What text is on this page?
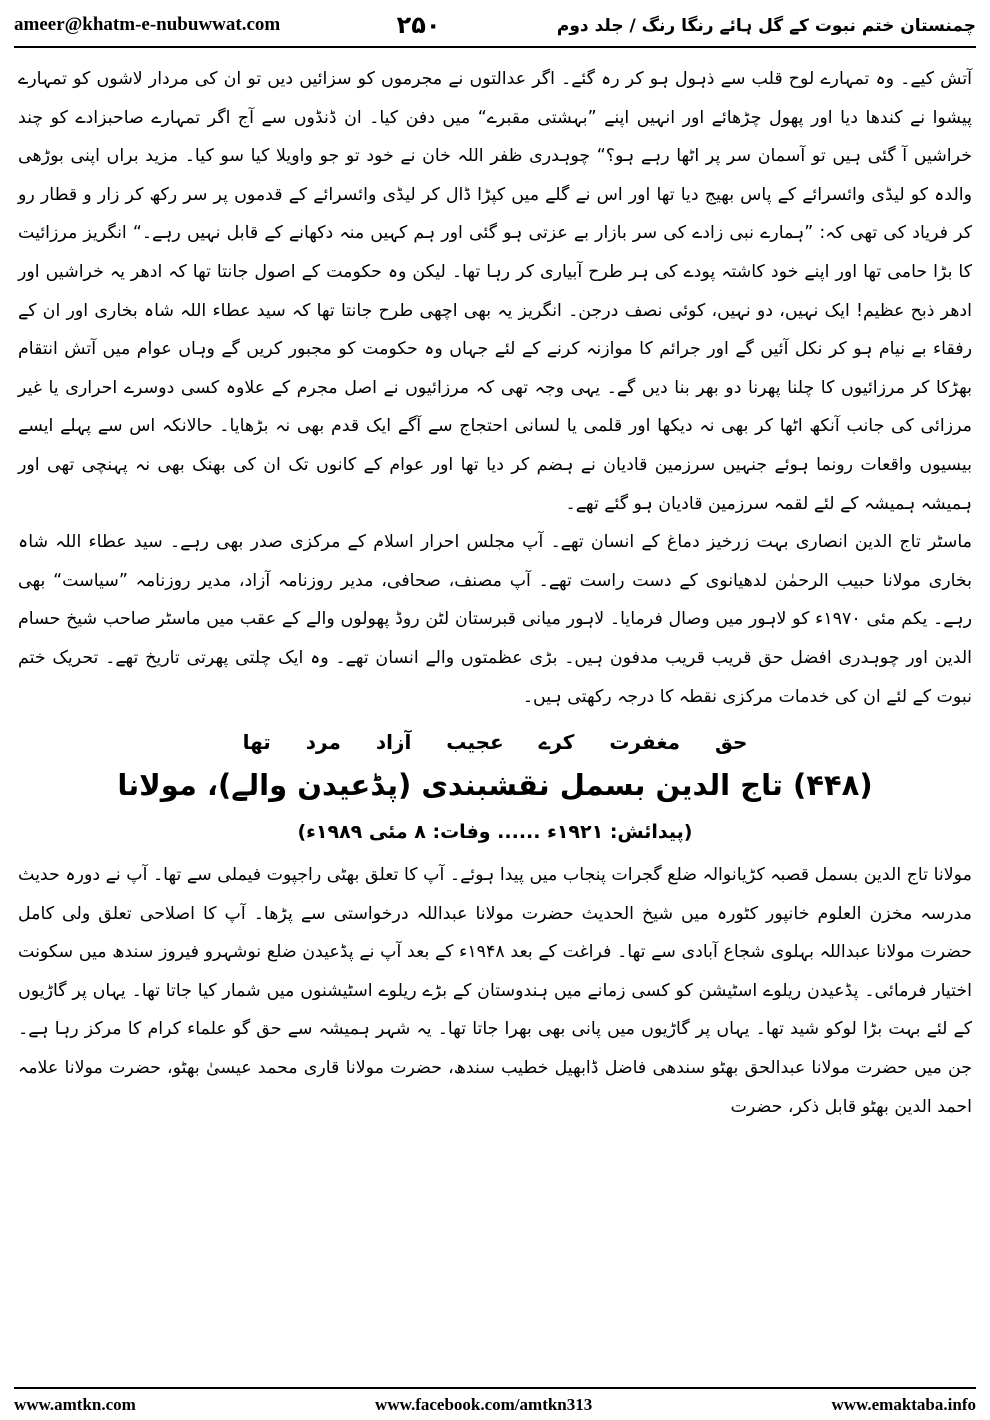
ameer@khatm-e-nubuwwat.com	۲۵۰	چمنستان ختم نبوت کے گل ہائے رنگا رنگ / جلد دوم

آتش کیے۔ وہ تمہارے لوح قلب سے ذہول ہو کر رہ گئے۔ اگر عدالتوں نے مجرموں کو سزائیں دیں تو ان کی مردار لاشوں کو تمہارے پیشوا نے کندھا دیا اور پھول چڑھائے اور انہیں اپنے ”بہشتی مقبرے“ میں دفن کیا۔ ان ڈنڈوں سے آج اگر تمہارے صاحبزادے کو چند خراشیں آ گئی ہیں تو آسمان سر پر اٹھا رہے ہو؟“ چوہدری ظفر اللہ خان نے خود تو جو واویلا کیا سو کیا۔ مزید براں اپنی بوڑھی والدہ کو لیڈی وائسرائے کے پاس بھیج دیا تھا اور اس نے گلے میں کپڑا ڈال کر لیڈی وائسرائے کے قدموں پر سر رکھ کر زار و قطار رو کر فریاد کی تھی کہ: ”ہمارے نبی زادے کی سر بازار بے عزتی ہو گئی اور ہم کہیں منہ دکھانے کے قابل نہیں رہے۔“ انگریز مرزائیت کا بڑا حامی تھا اور اپنے خود کاشتہ پودے کی ہر طرح آبیاری کر رہا تھا۔ لیکن وہ حکومت کے اصول جانتا تھا کہ ادھر یہ خراشیں اور ادھر ذبح عظیم! ایک نہیں، دو نہیں، کوئی نصف درجن۔ انگریز یہ بھی اچھی طرح جانتا تھا کہ سید عطاء اللہ شاہ بخاری اور ان کے رفقاء بے نیام ہو کر نکل آئیں گے اور جرائم کا موازنہ کرنے کے لئے جہاں وہ حکومت کو مجبور کریں گے وہاں عوام میں آتش انتقام بھڑکا کر مرزائیوں کا چلنا پھرنا دو بھر بنا دیں گے۔ یہی وجہ تھی کہ مرزائیوں نے اصل مجرم کے علاوہ کسی دوسرے احراری یا غیر مرزائی کی جانب آنکھ اٹھا کر بھی نہ دیکھا اور قلمی یا لسانی احتجاج سے آگے ایک قدم بھی نہ بڑھایا۔ حالانکہ اس سے پہلے ایسے بیسیوں واقعات رونما ہوئے جنہیں سرزمین قادیان نے ہضم کر دیا تھا اور عوام کے کانوں تک ان کی بھنک بھی نہ پہنچی تھی اور ہمیشہ ہمیشہ کے لئے لقمہ سرزمین قادیان ہو گئے تھے۔

ماسٹر تاج الدین انصاری بہت زرخیز دماغ کے انسان تھے۔ آپ مجلس احرار اسلام کے مرکزی صدر بھی رہے۔ سید عطاء اللہ شاہ بخاری مولانا حبیب الرحمٰن لدھیانوی کے دست راست تھے۔ آپ مصنف، صحافی، مدیر روزنامہ آزاد، مدیر روزنامہ ”سیاست“ بھی رہے۔ یکم مئی ۱۹۷۰ء کو لاہور میں وصال فرمایا۔ لاہور میانی قبرستان لٹن روڈ پھولوں والے کے عقب میں ماسٹر صاحب شیخ حسام الدین اور چوہدری افضل حق قریب قریب مدفون ہیں۔ بڑی عظمتوں والے انسان تھے۔ وہ ایک چلتی پھرتی تاریخ تھے۔ تحریک ختم نبوت کے لئے ان کی خدمات مرکزی نقطہ کا درجہ رکھتی ہیں۔

حق مغفرت کرے عجیب آزاد مرد تھا
(۴۴۸) تاج الدین بسمل نقشبندی (پڈعیدن والے)، مولانا
(پیدائش: ۱۹۲۱ء ...... وفات: ۸ مئی ۱۹۸۹ء)

مولانا تاج الدین بسمل قصبہ کڑیانوالہ ضلع گجرات پنجاب میں پیدا ہوئے۔ آپ کا تعلق بھٹی راجپوت فیملی سے تھا۔ آپ نے دورہ حدیث مدرسہ مخزن العلوم خانپور کٹورہ میں شیخ الحدیث حضرت مولانا عبداللہ درخواستی سے پڑھا۔ آپ کا اصلاحی تعلق ولی کامل حضرت مولانا عبداللہ بہلوی شجاع آبادی سے تھا۔ فراغت کے بعد ۱۹۴۸ء کے بعد آپ نے پڈعیدن ضلع نوشہرو فیروز سندھ میں سکونت اختیار فرمائی۔ پڈعیدن ریلوے اسٹیشن کو کسی زمانے میں ہندوستان کے بڑے ریلوے اسٹیشنوں میں شمار کیا جاتا تھا۔ یہاں پر گاڑیوں کے لئے بہت بڑا لوکو شید تھا۔ یہاں پر گاڑیوں میں پانی بھی بھرا جاتا تھا۔ یہ شہر ہمیشہ سے حق گو علماء کرام کا مرکز رہا ہے۔ جن میں حضرت مولانا عبدالحق بھٹو سندھی فاضل ڈابھیل خطیب سندھ، حضرت مولانا قاری محمد عیسیٰ بھٹو، حضرت مولانا علامہ احمد الدین بھٹو قابل ذکر، حضرت

www.amtkn.com	www.facebook.com/amtkn313	www.emaktaba.info
